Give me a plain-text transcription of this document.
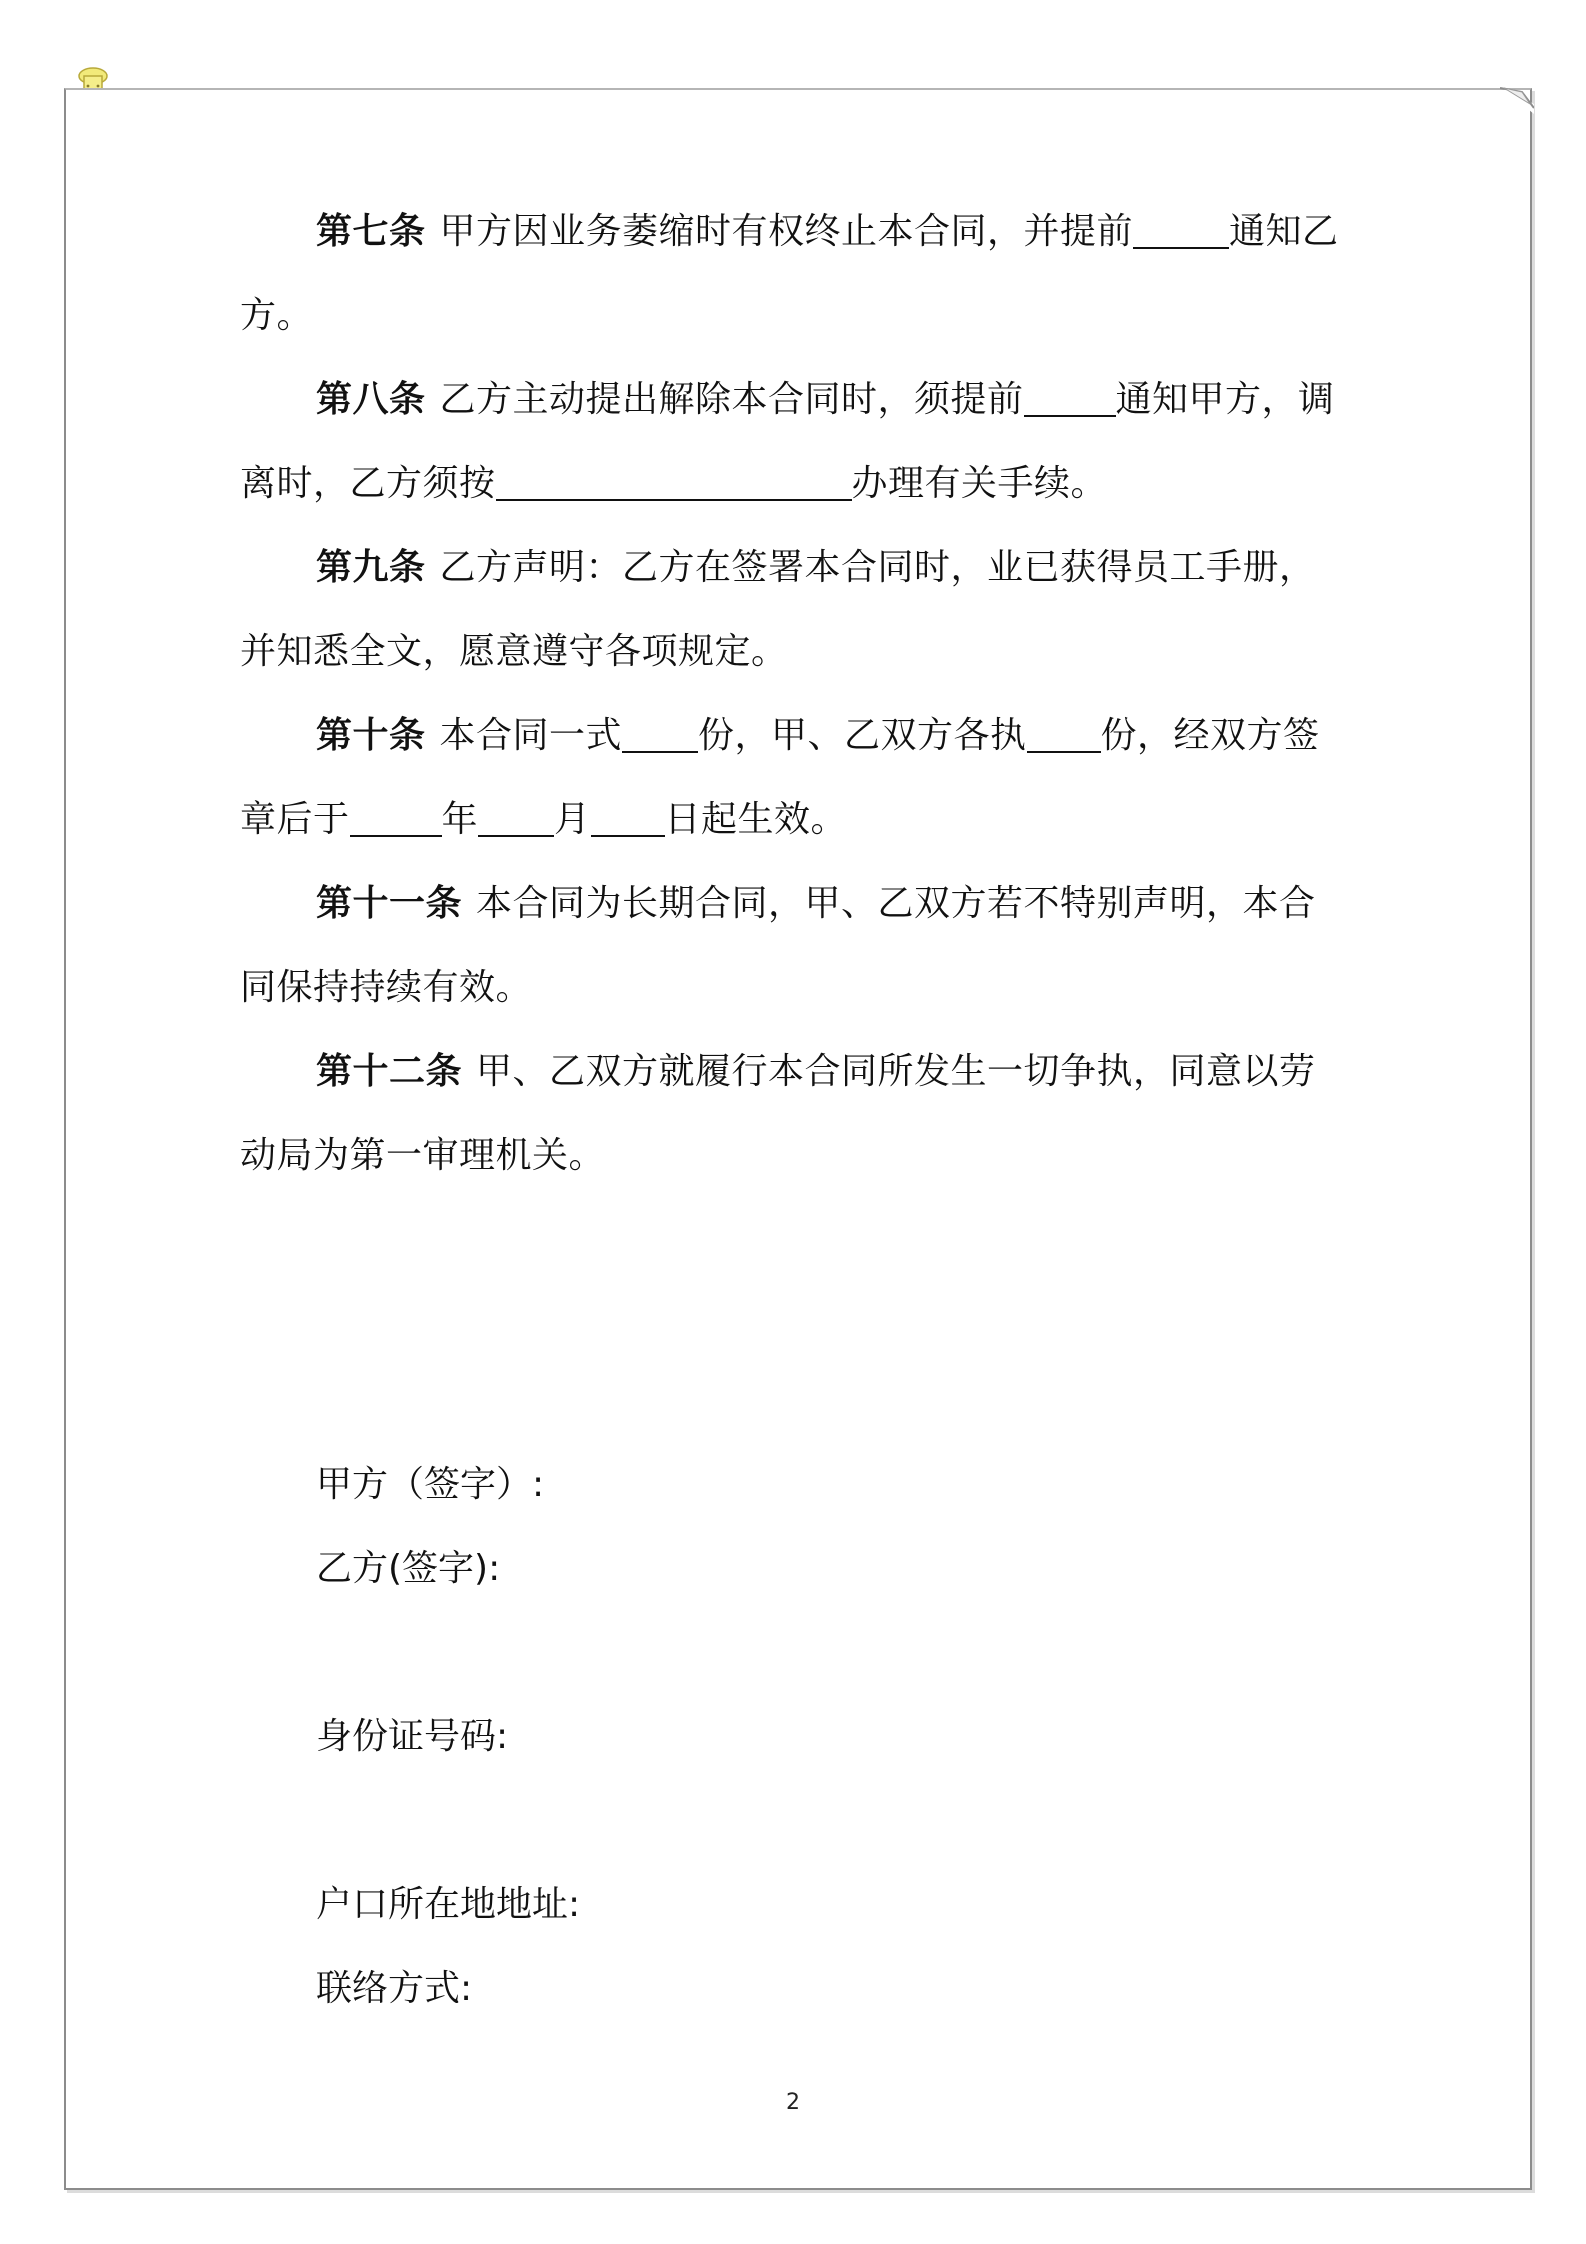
第七条 甲方因业务萎缩时有权终止本合同，并提前	通知乙方。

第八条 乙方主动提出解除本合同时，须提前	通知甲方，调离时，乙方须按	办理有关手续。

第九条 乙方声明：乙方在签署本合同时，业已获得员工手册，并知悉全文，愿意遵守各项规定。

第十条 本合同一式 份，甲、乙双方各执 份，经双方签章后于	年 月 日起生效。

第十一条 本合同为长期合同，甲、乙双方若不特别声明，本合同保持持续有效。

第十二条 甲、乙双方就履行本合同所发生一切争执，同意以劳动局为第一审理机关。

甲方（签字）:
乙方(签字):
身份证号码:
户口所在地地址:
联络方式:
2
